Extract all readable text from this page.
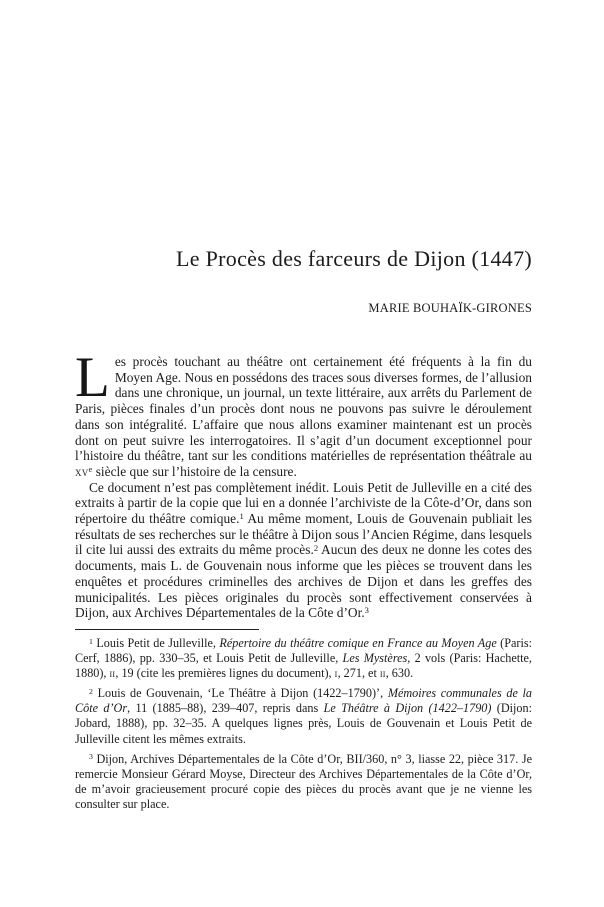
Le Procès des farceurs de Dijon (1447)
MARIE BOUHAÏK-GIRONES

Les procès touchant au théâtre ont certainement été fréquents à la fin du Moyen Age. Nous en possédons des traces sous diverses formes, de l’allusion dans une chronique, un journal, un texte littéraire, aux arrêts du Parlement de Paris, pièces finales d’un procès dont nous ne pouvons pas suivre le déroulement dans son intégralité. L’affaire que nous allons examiner maintenant est un procès dont on peut suivre les interrogatoires. Il s’agit d’un document exceptionnel pour l’histoire du théâtre, tant sur les conditions matérielles de représentation théâtrale au XVe siècle que sur l’histoire de la censure.

Ce document n’est pas complètement inédit. Louis Petit de Julleville en a cité des extraits à partir de la copie que lui en a donnée l’archiviste de la Côte-d’Or, dans son répertoire du théâtre comique.$^1$ Au même moment, Louis de Gouvenain publiait les résultats de ses recherches sur le théâtre à Dijon sous l’Ancien Régime, dans lesquels il cite lui aussi des extraits du même procès.$^2$ Aucun des deux ne donne les cotes des documents, mais L. de Gouvenain nous informe que les pièces se trouvent dans les enquêtes et procédures criminelles des archives de Dijon et dans les greffes des municipalités. Les pièces originales du procès sont effectivement conservées à Dijon, aux Archives Départementales de la Côte d’Or.$^3$

$^1$ Louis Petit de Julleville, Répertoire du théâtre comique en France au Moyen Age (Paris: Cerf, 1886), pp. 330–35, et Louis Petit de Julleville, Les Mystères, 2 vols (Paris: Hachette, 1880), II, 19 (cite les premières lignes du document), I, 271, et II, 630.

$^2$ Louis de Gouvenain, ‘Le Théâtre à Dijon (1422–1790)’, Mémoires communales de la Côte d’Or, 11 (1885–88), 239–407, repris dans Le Théâtre à Dijon (1422–1790) (Dijon: Jobard, 1888), pp. 32–35. A quelques lignes près, Louis de Gouvenain et Louis Petit de Julleville citent les mêmes extraits.

$^3$ Dijon, Archives Départementales de la Côte d’Or, BII/360, n° 3, liasse 22, pièce 317. Je remercie Monsieur Gérard Moyse, Directeur des Archives Départementales de la Côte d’Or, de m’avoir gracieusement procuré copie des pièces du procès avant que je ne vienne les consulter sur place.
